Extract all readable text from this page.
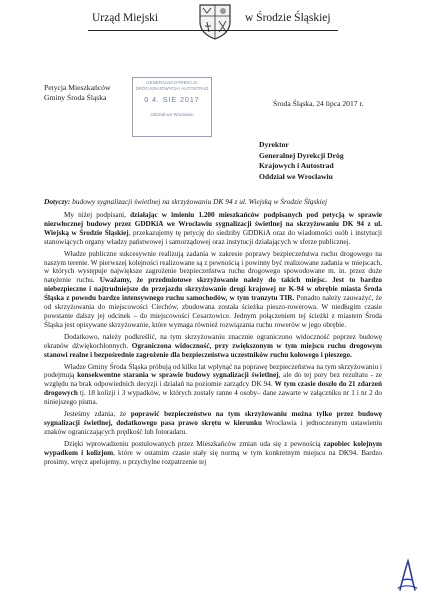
Urząd Miejski	w Środzie Śląskiej
Petycja Mieszkańców
Gminy Środa Śląska
GENERALNA DYREKCJA
DRÓG KRAJOWYCH I AUTOSTRAD
0 4. SIE 2017
Oddział we Wrocławiu
Środa Śląska, 24 lipca 2017 r.
Dyrektor
Generalnej Dyrekcji Dróg
Krajowych i Autostrad
Oddział we Wrocławiu
Dotyczy: budowy sygnalizacji świetlnej na skrzyżowaniu DK 94 z ul. Wiejską w Środzie Śląskiej

My niżej podpisani, działając w imieniu 1.200 mieszkańców podpisanych pod petycją w sprawie niezwłocznej budowy przez GDDKiA we Wrocławiu sygnalizacji świetlnej na skrzyżowaniu DK 94 z ul. Wiejską w Środzie Śląskiej, przekazujemy tę petycję do siedziby GDDKiA oraz do wiadomości osób i instytucji stanowiących organy władzy państwowej i samorządowej oraz instytucji działających w sferze publicznej.

Władze publiczne sukcesywnie realizują zadania w zakresie poprawy bezpieczeństwa ruchu drogowego na naszym terenie. W pierwszej kolejności realizowane są z pewnością i powinny być realizowane zadania w miejscach, w których występuje największe zagrożenie bezpieczeństwa ruchu drogowego spowodowane m. in. przez duże natężenie ruchu. Uważamy, że przedmiotowe skrzyżowanie należy do takich miejsc. Jest to bardzo niebezpieczne i najtrudniejsze do przejazdu skrzyżowanie drogi krajowej nr K-94 w obrębie miasta Środa Śląska z powodu bardzo intensywnego ruchu samochodów, w tym tranzytu TIR. Ponadto należy zauważyć, że od skrzyżowania do miejscowości Ciechów, zbudowana została ścieżka pieszo-rowerowa. W niedługim czasie powstanie dalszy jej odcinek – do miejscowości Cesarzowice. Jednym połączeniem tej ścieżki z miastem Środa Śląska jest opisywane skrzyżowanie, które wymaga również rozwiązania ruchu rowerów w jego obrębie.

Dodatkowo, należy podkreślić, na tym skrzyżowaniu znacznie ograniczono widoczność poprzez budowę ekranów dźwiękochłonnych. Ograniczona widoczność, przy zwiększonym w tym miejscu ruchu drogowym stanowi realne i bezpośrednie zagrożenie dla bezpieczeństwa uczestników ruchu kołowego i pieszego.

Władze Gminy Środa Śląska próbują od kilku lat wpłynąć na poprawę bezpieczeństwa na tym skrzyżowaniu i podejmują konsekwentne starania w sprawie budowy sygnalizacji świetlnej, ale do tej pory bez rezultatu - ze względu na brak odpowiednich decyzji i działań na poziomie zarządcy DK 94. W tym czasie doszło do 21 zdarzeń drogowych tj. 18 kolizji i 3 wypadków, w których zostały ranne 4 osoby– dane zawarte w załączniku nr 1 i nr 2 do niniejszego pisma.

Jesteśmy zdania, że poprawić bezpieczeństwo na tym skrzyżowaniu można tylko przez budowę sygnalizacji świetlnej, dodatkowego pasa prawo skrętu w kierunku Wrocławia i jednoczesnym ustawieniu znaków ograniczających prędkość lub fotoradaru.

Dzięki wprowadzeniu postulowanych przez Mieszkańców zmian uda się z pewnością zapobiec kolejnym wypadkom i kolizjom, które w ostatnim czasie stały się normą w tym konkretnym miejscu na DK94. Bardzo prosimy, wręcz apelujemy, o przychylne rozpatrzenie tej
